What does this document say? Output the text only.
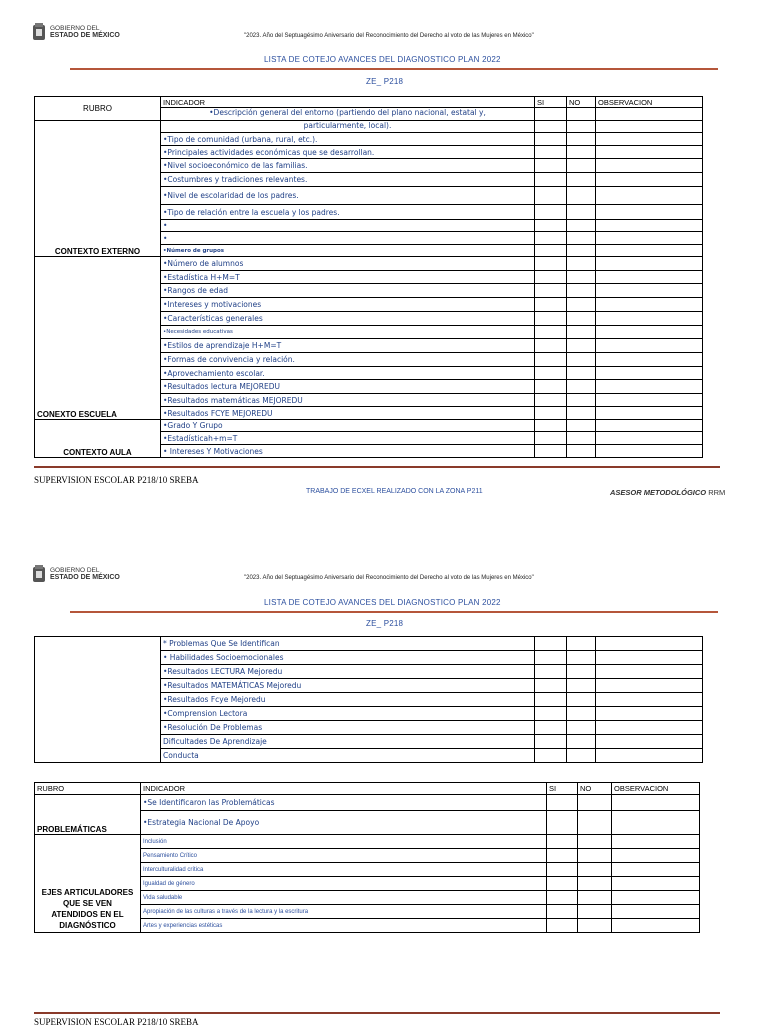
GOBIERNO DEL
ESTADO DE MÉXICO	"2023. Año del Septuagésimo Aniversario del Reconocimiento del Derecho al voto de las Mujeres en México"
LISTA DE COTEJO AVANCES DEL DIAGNOSTICO PLAN 2022
ZE_ P218
RUBRO	INDICADOR	SI	NO	OBSERVACION

	•Descripción general del entorno (partiendo del plano nacional, estatal y,			

CONTEXTO EXTERNO	particularmente, local).			
	•Tipo de comunidad (urbana, rural, etc.).			
	•Principales actividades económicas que se desarrollan.			
	•Nivel socioeconómico de las familias.			
	•Costumbres y tradiciones relevantes.			
	•Nivel de escolaridad de los padres.			
	•Tipo de relación entre la escuela y los padres.			
	•			
	•			
	•Número de grupos			
CONEXTO ESCUELA	•Número de alumnos			
	•Estadística H+M=T			
	•Rangos de edad			
	•Intereses y motivaciones			
	•Características generales			
	•Necesidades educativas			
	•Estilos de aprendizaje H+M=T			
	•Formas de convivencia y relación.			
	•Aprovechamiento escolar.			
	•Resultados lectura MEJOREDU			
	•Resultados matemáticas MEJOREDU			
	•Resultados FCYE MEJOREDU			
CONTEXTO AULA	•Grado Y Grupo			
	•Estadísticah+m=T			
	• Intereses Y Motivaciones			
SUPERVISION ESCOLAR P218/10 SREBA
TRABAJO DE ECXEL REALIZADO CON LA ZONA P211	ASESOR METODOLÓGICO RRM
GOBIERNO DEL
ESTADO DE MÉXICO	"2023. Año del Septuagésimo Aniversario del Reconocimiento del Derecho al voto de las Mujeres en México"
LISTA DE COTEJO AVANCES DEL DIAGNOSTICO PLAN 2022
ZE_ P218
	* Problemas Que Se Identifican			
	• Habilidades Socioemocionales			
	•Resultados LECTURA Mejoredu			
	•Resultados MATEMÁTICAS Mejoredu			
	•Resultados Fcye Mejoredu			
	•Comprension Lectora			
	•Resolución De Problemas			
	Dificultades De Aprendizaje			
	Conducta			
RUBRO	INDICADOR	SI	NO	OBSERVACION
PROBLEMÁTICAS	•Se Identificaron las Problemáticas			
	•Estrategia Nacional De Apoyo			

EJES ARTICULADORES
QUE SE VEN
ATENDIDOS EN EL
DIAGNÓSTICO	Inclusión			
	Pensamiento Crítico			
	Interculturalidad crítica			
	Igualdad de género			
	Vida saludable			
	Apropiación de las culturas a través de la lectura y la escritura			
	Artes y experiencias estéticas			
SUPERVISION ESCOLAR P218/10 SREBA
